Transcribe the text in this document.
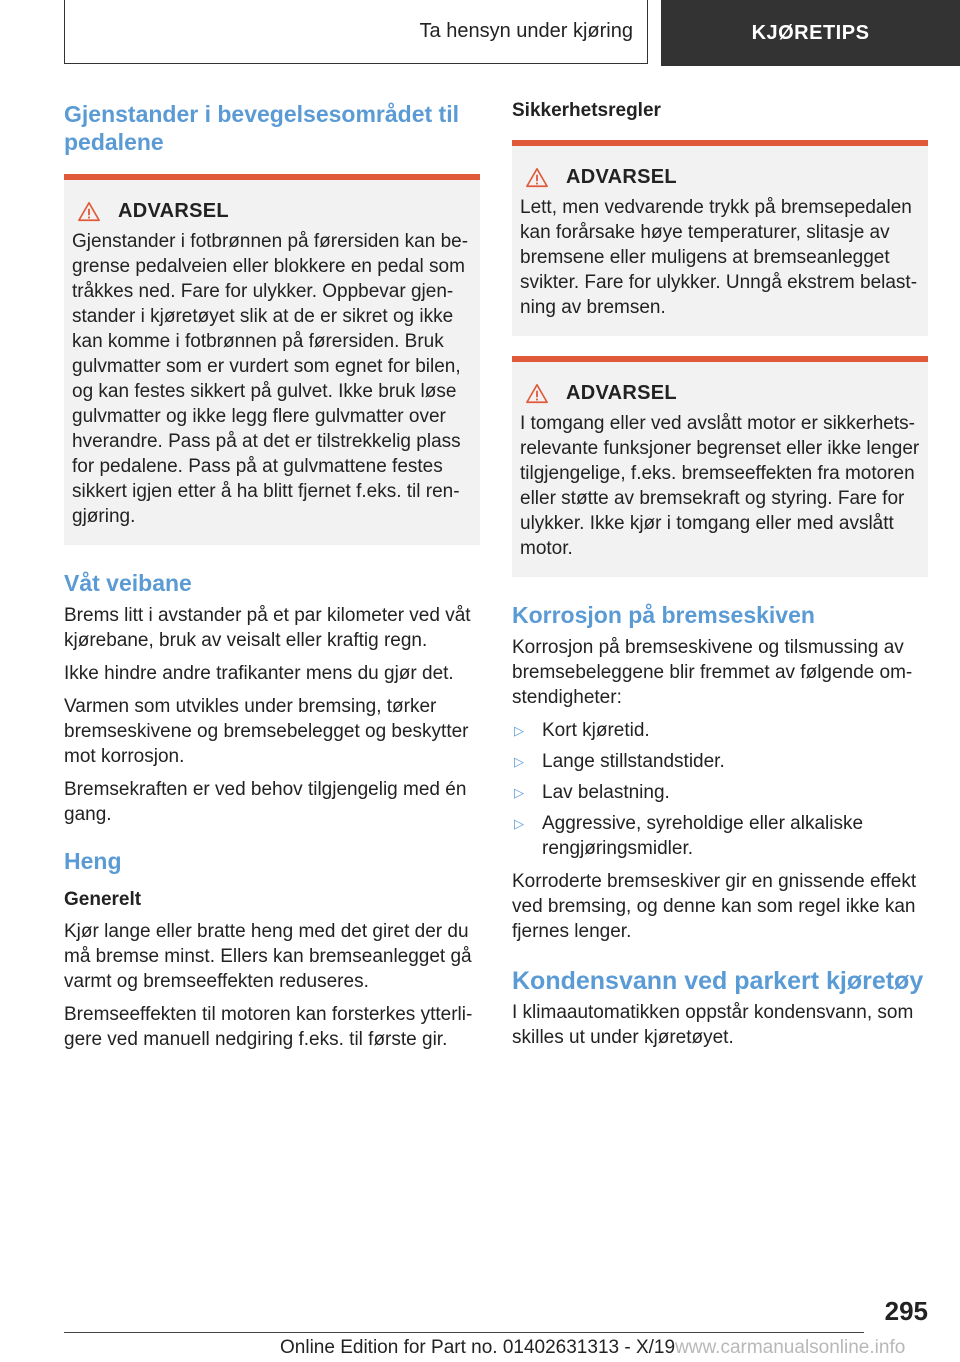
Ta hensyn under kjøring	KJØRETIPS
Gjenstander i bevegelsesområdet til pedalene
ADVARSEL

Gjenstander i fotbrønnen på førersiden kan begrense pedalveien eller blokkere en pedal som tråkkes ned. Fare for ulykker. Oppbevar gjenstander i kjøretøyet slik at de er sikret og ikke kan komme i fotbrønnen på førersiden. Bruk gulvmatter som er vurdert som egnet for bilen, og kan festes sikkert på gulvet. Ikke bruk løse gulvmatter og ikke legg flere gulvmatter over hverandre. Pass på at det er tilstrekkelig plass for pedalene. Pass på at gulvmattene festes sikkert igjen etter å ha blitt fjernet f.eks. til rengjøring.

Våt veibane

Brems litt i avstander på et par kilometer ved våt kjørebane, bruk av veisalt eller kraftig regn.

Ikke hindre andre trafikanter mens du gjør det.

Varmen som utvikles under bremsing, tørker bremseskivene og bremsebelegget og beskytter mot korrosjon.

Bremsekraften er ved behov tilgjengelig med én gang.

Heng
Generelt

Kjør lange eller bratte heng med det giret der du må bremse minst. Ellers kan bremseanlegget gå varmt og bremseeffekten reduseres.

Bremseeffekten til motoren kan forsterkes ytterligere ved manuell nedgiring f.eks. til første gir.

Sikkerhetsregler
ADVARSEL

Lett, men vedvarende trykk på bremsepedalen kan forårsake høye temperaturer, slitasje av bremsene eller muligens at bremseanlegget svikter. Fare for ulykker. Unngå ekstrem belastning av bremsen.

ADVARSEL

I tomgang eller ved avslått motor er sikkerhetsrelevante funksjoner begrenset eller ikke lenger tilgjengelige, f.eks. bremseeffekten fra motoren eller støtte av bremsekraft og styring. Fare for ulykker. Ikke kjør i tomgang eller med avslått motor.

Korrosjon på bremseskiven

Korrosjon på bremseskivene og tilsmussing av bremsebeleggene blir fremmet av følgende omstendigheter:

▷ Kort kjøretid.
▷ Lange stillstandstider.
▷ Lav belastning.
▷ Aggressive, syreholdige eller alkaliske rengjøringsmidler.

Korroderte bremseskiver gir en gnissende effekt ved bremsing, og denne kan som regel ikke kan fjernes lenger.

Kondensvann ved parkert kjøretøy

I klimaautomatikken oppstår kondensvann, som skilles ut under kjøretøyet.

295
Online Edition for Part no. 01402631313 - X/19www.carmanualsonline.info
